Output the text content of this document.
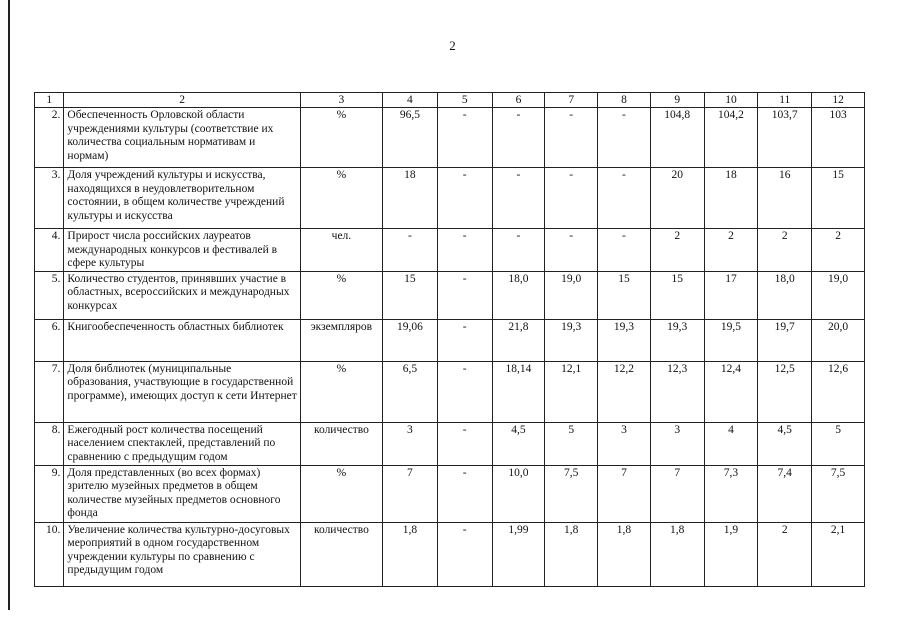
2
1	2	3	4	5	6	7	8	9	10	11	12
2.	Обеспеченность Орловской области учреждениями культуры (соответствие их количества социальным нормативам и нормам)	%	96,5	-	-	-	-	104,8	104,2	103,7	103
3.	Доля учреждений культуры и искусства, находящихся в неудовлетворительном состоянии, в общем количестве учреждений культуры и искусства	%	18	-	-	-	-	20	18	16	15
4.	Прирост числа российских лауреатов международных конкурсов и фестивалей в сфере культуры	чел.	-	-	-	-	-	2	2	2	2
5.	Количество студентов, принявших участие в областных, всероссийских и международных конкурсах	%	15	-	18,0	19,0	15	15	17	18,0	19,0
6.	Книгообеспеченность областных библиотек	экземпляров	19,06	-	21,8	19,3	19,3	19,3	19,5	19,7	20,0
7.	Доля библиотек (муниципальные образования, участвующие в государственной программе), имеющих доступ к сети Интернет	%	6,5	-	18,14	12,1	12,2	12,3	12,4	12,5	12,6
8.	Ежегодный рост количества посещений населением спектаклей, представлений по сравнению с предыдущим годом	количество	3	-	4,5	5	3	3	4	4,5	5
9.	Доля представленных (во всех формах) зрителю музейных предметов в общем количестве музейных предметов основного фонда	%	7	-	10,0	7,5	7	7	7,3	7,4	7,5
10.	Увеличение количества культурно-досуговых мероприятий в одном государственном учреждении культуры по сравнению с предыдущим годом	количество	1,8	-	1,99	1,8	1,8	1,8	1,9	2	2,1
